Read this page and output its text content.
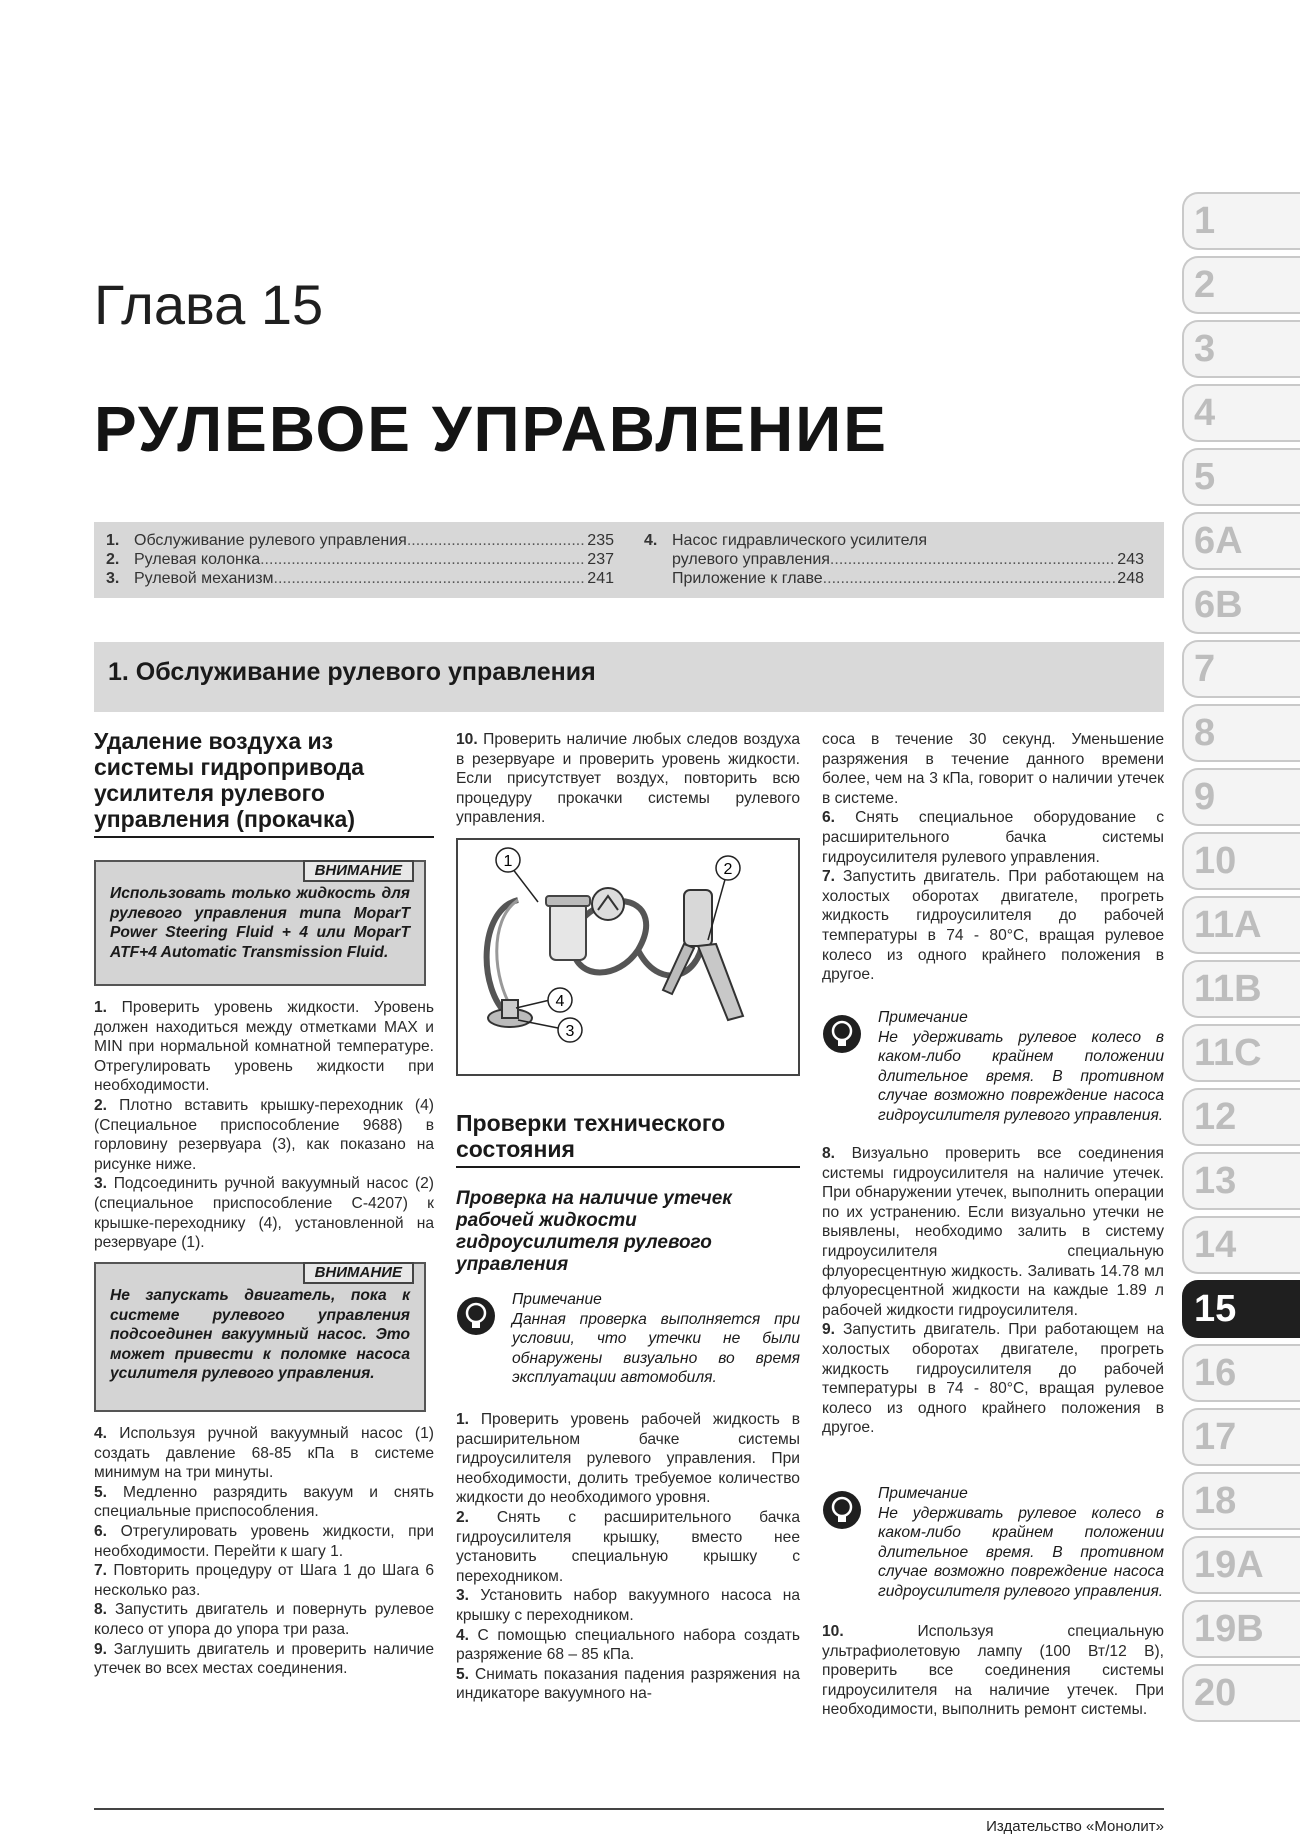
1
2
3
4
5
6A
6B
7
8
9
10
11A
11B
11C
12
13
14
15
16
17
18
19A
19B
20
Глава 15
РУЛЕВОЕ УПРАВЛЕНИЕ
1. Обслуживание рулевого управления .....	235
2. Рулевая колонка .....	237
3. Рулевой механизм .....	241
4. Насос гидравлического усилителя
рулевого управления .....	243
Приложение к главе .....	248
1. Обслуживание рулевого управления
Удаление воздуха из системы гидропривода усилителя рулевого управления (прокачка)
ВНИМАНИЕ
Использовать только жидкость для рулевого управления типа MoparT Power Steering Fluid + 4 или MoparT ATF+4 Automatic Transmission Fluid.

1. Проверить уровень жидкости. Уровень должен находиться между отметками MAX и MIN при нормальной комнатной температуре. Отрегулировать уровень жидкости при необходимости.

2. Плотно вставить крышку-переходник (4) (Специальное приспособление 9688) в горловину резервуара (3), как показано на рисунке ниже.

3. Подсоединить ручной вакуумный насос (2) (специальное приспособление С-4207) к крышке-переходнику (4), установленной на резервуаре (1).

ВНИМАНИЕ
Не запускать двигатель, пока к системе рулевого управления подсоединен вакуумный насос. Это может привести к поломке насоса усилителя рулевого управления.

4. Используя ручной вакуумный насос (1) создать давление 68-85 кПа в системе минимум на три минуты.

5. Медленно разрядить вакуум и снять специальные приспособления.

6. Отрегулировать уровень жидкости, при необходимости. Перейти к шагу 1.

7. Повторить процедуру от Шага 1 до Шага 6 несколько раз.

8. Запустить двигатель и повернуть рулевое колесо от упора до упора три раза.

9. Заглушить двигатель и проверить наличие утечек во всех местах соединения.

10. Проверить наличие любых следов воздуха в резервуаре и проверить уровень жидкости. Если присутствует воздух, повторить всю процедуру прокачки системы рулевого управления.

1	2
3
4
Проверки технического состояния
Проверка на наличие утечек рабочей жидкости гидроусилителя рулевого управления
Примечание
Данная проверка выполняется при условии, что утечки не были обнаружены визуально во время эксплуатации автомобиля.

1. Проверить уровень рабочей жидкость в расширительном бачке системы гидроусилителя рулевого управления. При необходимости, долить требуемое количество жидкости до необходимого уровня.

2. Снять с расширительного бачка гидроусилителя крышку, вместо нее установить специальную крышку с переходником.

3. Установить набор вакуумного насоса на крышку с переходником.

4. С помощью специального набора создать разряжение 68 – 85 кПа.

5. Снимать показания падения разряжения на индикаторе вакуумного на-

соса в течение 30 секунд. Уменьшение разряжения в течение данного времени более, чем на 3 кПа, говорит о наличии утечек в системе.

6. Снять специальное оборудование с расширительного бачка системы гидроусилителя рулевого управления.

7. Запустить двигатель. При работающем на холостых оборотах двигателе, прогреть жидкость гидроусилителя до рабочей температуры в 74 - 80°С, вращая рулевое колесо из одного крайнего положения в другое.

Примечание
Не удерживать рулевое колесо в каком-либо крайнем положении длительное время. В противном случае возможно повреждение насоса гидроусилителя рулевого управления.

8. Визуально проверить все соединения системы гидроусилителя на наличие утечек. При обнаружении утечек, выполнить операции по их устранению. Если визуально утечки не выявлены, необходимо залить в систему гидроусилителя специальную флуоресцентную жидкость. Заливать 14.78 мл флуоресцентной жидкости на каждые 1.89 л рабочей жидкости гидроусилителя.

9. Запустить двигатель. При работающем на холостых оборотах двигателе, прогреть жидкость гидроусилителя до рабочей температуры в 74 - 80°С, вращая рулевое колесо из одного крайнего положения в другое.

Примечание
Не удерживать рулевое колесо в каком-либо крайнем положении длительное время. В противном случае возможно повреждение насоса гидроусилителя рулевого управления.

10.	Используя специальную ультрафиолетовую лампу (100 Вт/12 В), проверить все соединения системы гидроусилителя на наличие утечек. При необходимости, выполнить ремонт системы.

Издательство «Монолит»
